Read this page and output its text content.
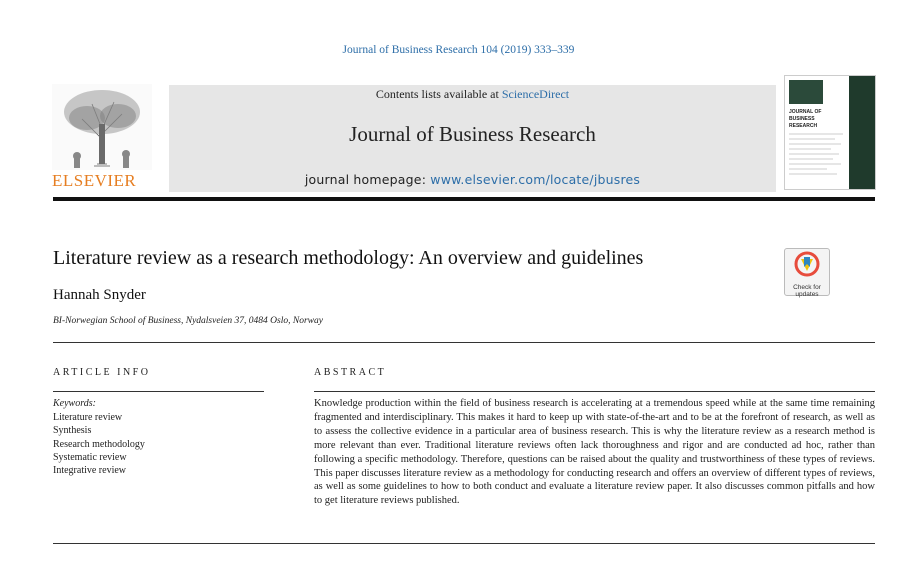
Journal of Business Research 104 (2019) 333–339
ELSEVIER
Contents lists available at ScienceDirect
Journal of Business Research
journal homepage: www.elsevier.com/locate/jbusres
JOURNAL OF
BUSINESS
RESEARCH
Literature review as a research methodology: An overview and guidelines
Hannah Snyder
BI-Norwegian School of Business, Nydalsveien 37, 0484 Oslo, Norway
Check for updates
ARTICLE INFO	ABSTRACT
Keywords:
Literature review
Synthesis
Research methodology
Systematic review
Integrative review
Knowledge production within the field of business research is accelerating at a tremendous speed while at the same time remaining fragmented and interdisciplinary. This makes it hard to keep up with state-of-the-art and to be at the forefront of research, as well as to assess the collective evidence in a particular area of business research. This is why the literature review as a research method is more relevant than ever. Traditional literature reviews often lack thoroughness and rigor and are conducted ad hoc, rather than following a specific methodology. Therefore, questions can be raised about the quality and trustworthiness of these types of reviews. This paper discusses literature review as a methodology for conducting research and offers an overview of different types of reviews, as well as some guidelines to how to both conduct and evaluate a literature review paper. It also discusses common pitfalls and how to get literature reviews published.
